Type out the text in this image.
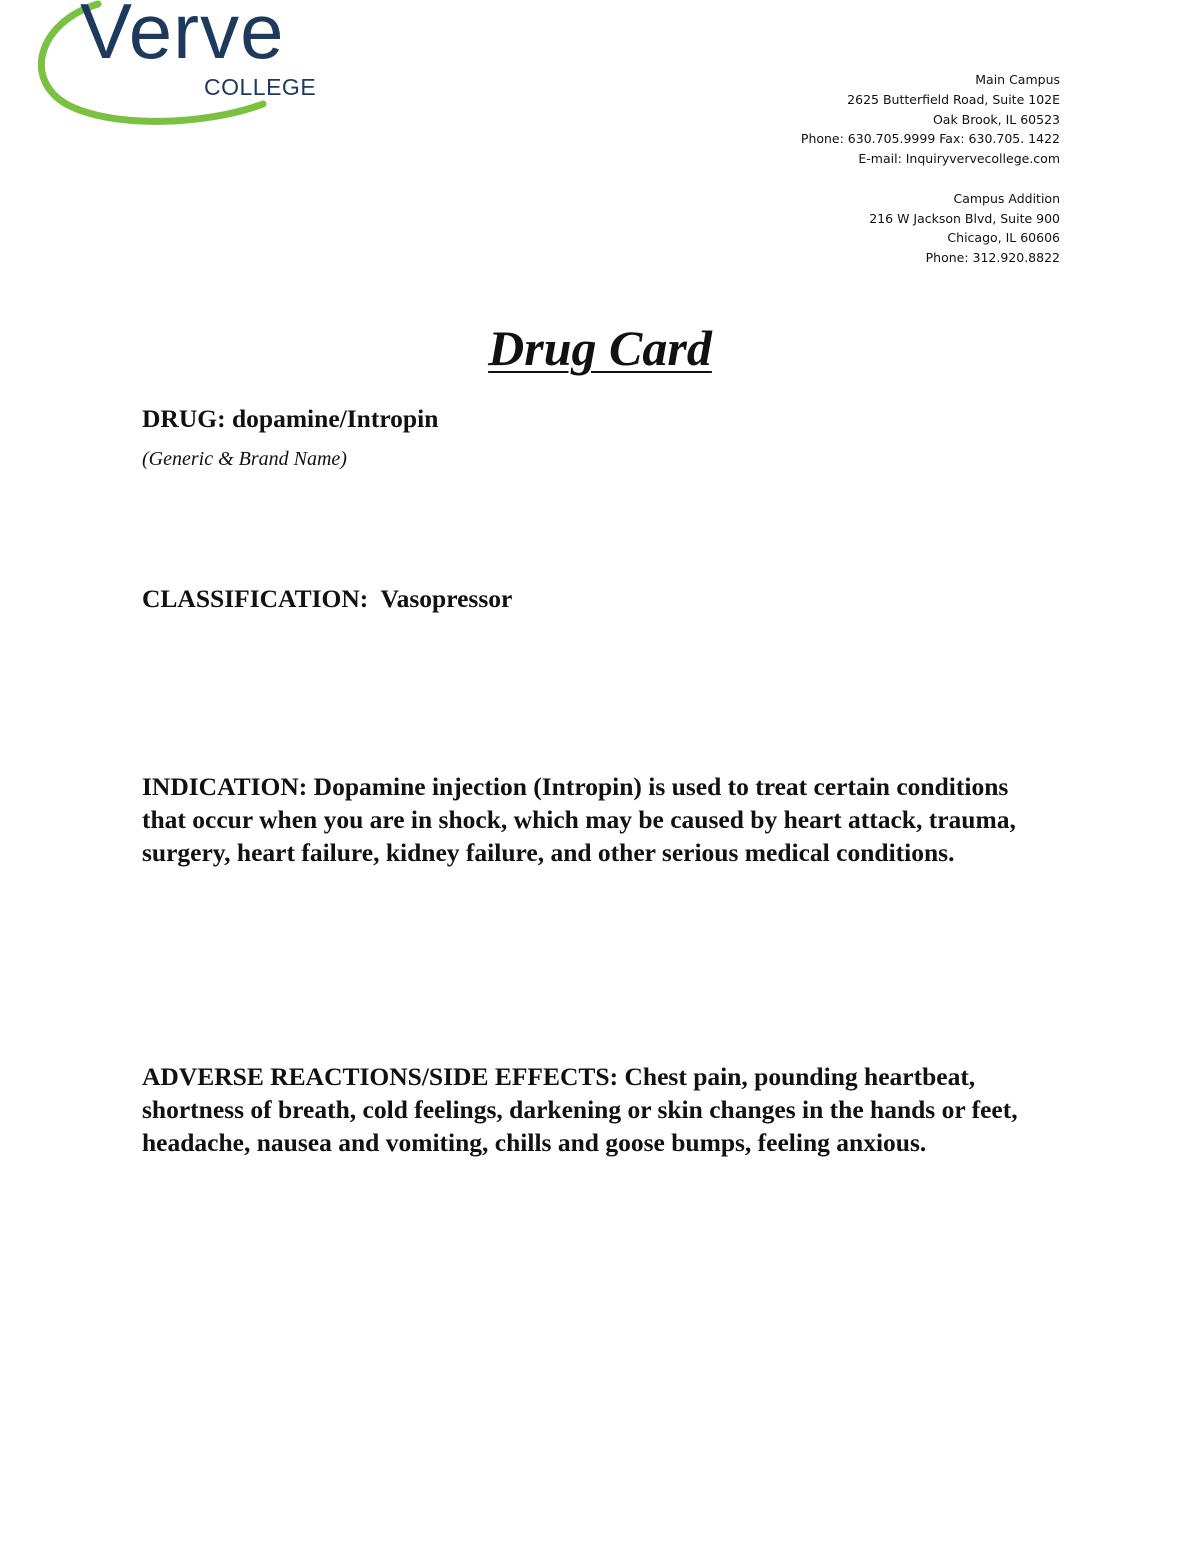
Verve
COLLEGE	Main Campus
2625 Butterfield Road, Suite 102E
Oak Brook, IL 60523
Phone: 630.705.9999 Fax: 630.705. 1422
E-mail: Inquiryvervecollege.com
Campus Addition
216 W Jackson Blvd, Suite 900
Chicago, IL 60606
Phone: 312.920.8822
Drug Card
DRUG: dopamine/Intropin
(Generic & Brand Name)
CLASSIFICATION: Vasopressor
INDICATION: Dopamine injection (Intropin) is used to treat certain conditions that occur when you are in shock, which may be caused by heart attack, trauma, surgery, heart failure, kidney failure, and other serious medical conditions.
ADVERSE REACTIONS/SIDE EFFECTS: Chest pain, pounding heartbeat, shortness of breath, cold feelings, darkening or skin changes in the hands or feet, headache, nausea and vomiting, chills and goose bumps, feeling anxious.
